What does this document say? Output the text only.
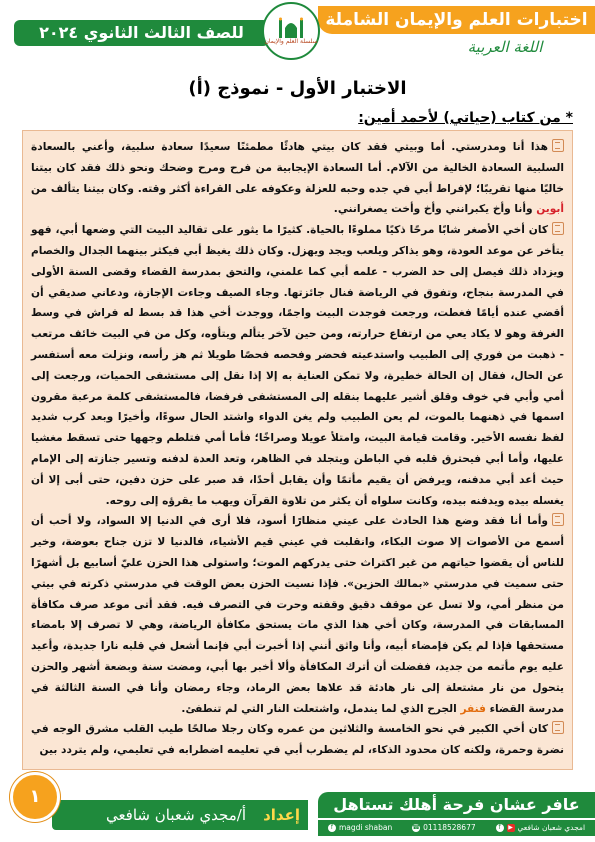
اختبارات العلم والإيمان الشاملة
للصف الثالث الثانوي ٢٠٢٤	سلسلة العلم والإيمان	اللغة العربية
الاختبار الأول - نموذج (أ)
* من كتاب (حياتي) لأحمد أمين:

هذا أنا ومدرستي. أما وبيتي فقد كان بيتي هادئًا مطمئنًا سعيدًا سعادة سلبية، وأعني بالسعادة السلبية السعادة الخالية من الآلام. أما السعادة الإيجابية من فرح ومرح وضحك ونحو ذلك فقد كان بيتنا خاليًا منها تقريبًا؛ لإفراط أبي في جده وحبه للعزلة وعكوفه على القراءة أكثر وقته. وكان بيتنا يتألف من أبوين وأنا وأخ يكبرانني وأخ وأخت يصغرانني.

كان أخي الأصغر شابًا مرحًا ذكيًا مملوءًا بالحياة. كثيرًا ما يثور على تقاليد البيت التي وضعها أبي، فهو يتأخر عن موعد العودة، وهو يذاكر ويلعب ويجد ويهزل. وكان ذلك يغيظ أبي فيكثر بينهما الجدال والخصام ويزداد ذلك فيصل إلى حد الضرب - علمه أبي كما علمني، والتحق بمدرسة القضاء وقضى السنة الأولى في المدرسة بنجاح، وتفوق في الرياضة فنال جائزتها. وجاء الصيف وجاءت الإجازة، ودعاني صديقي أن أقضي عنده أيامًا فغطت، ورجعت فوجدت البيت واجمًا، ووجدت أخي هذا قد بسط له فراش في وسط الغرفة وهو لا يكاد يعي من ارتفاع حرارته، ومن حين لآخر يتألم ويتأوه، وكل من في البيت خائف مرتعب - ذهبت من فوري إلى الطبيب واستدعيته فحضر وفحصه فحصًا طويلا ثم هز رأسه، ونزلت معه أستفسر عن الحال، فقال إن الحالة خطيرة، ولا تمكن العناية به إلا إذا نقل إلى مستشفى الحميات، ورجعت إلى أمي وأبي في خوف وقلق أشير عليهما بنقله إلى المستشفى فرفضا، فالمستشفى كلمة مرعبة مقرون اسمها في ذهنهما بالموت، لم يعن الطبيب ولم يغن الدواء واشتد الحال سوءًا، وأخيرًا وبعد كرب شديد لفظ نفسه الأخير. وقامت قيامة البيت، وامتلأ عويلا وصراخًا؛ فأما أمي فتلطم وجهها حتى تسقط مغشيا عليها، وأما أبي فيحترق قلبه في الباطن ويتجلد في الظاهر، وتعد العدة لدفنه وتسير جنازته إلى الإمام حيث أعد أبي مدفنه، ويرفض أن يقيم مأتمًا وأن يقابل أحدًا، قد صبر على حزن دفين، حتى أبى إلا أن يغسله بيده ويدفنه بيده، وكانت سلواه أن يكثر من تلاوة القرآن ويهب ما يقرؤه إلى روحه.

وأما أنا فقد وضع هذا الحادث على عيني منظارًا أسود، فلا أرى في الدنيا إلا السواد، ولا أحب أن أسمع من الأصوات إلا صوت البكاء، وانقلبت في عيني قيم الأشياء، فالدنيا لا تزن جناح بعوضة، وخير للناس أن يقضوا حياتهم من غير اكتراث حتى يدركهم الموت؛ واستولى هذا الحزن عليّ أسابيع بل أشهرًا حتى سميت في مدرستي «بمالك الحزين». فإذا نسيت الحزن بعض الوقت في مدرستي ذكرته في بيتي من منظر أمي، ولا تسل عن موقف دقيق وقفته وحرت في التصرف فيه. فقد أتى موعد صرف مكافأة المسابقات في المدرسة، وكان أخي هذا الذي مات يستحق مكافأة الرياضة، وهي لا تصرف إلا بامضاء مستحقها فإذا لم يكن فإمضاء أبيه، وأنا واثق أنني إذا أخبرت أبي فإنما أشعل في قلبه نارا جديدة، وأعيد عليه يوم مأتمه من جديد، ففضلت أن أترك المكافأة وألا أخبر بها أبي، ومضت سنة وبضعة أشهر والحزن يتحول من نار مشتعلة إلى نار هادئة قد علاها بعض الرماد، وجاء رمضان وأنا في السنة الثالثة في مدرسة القضاء فنفر الجرح الذي لما يندمل، واشتعلت النار التي لم تنطفئ.

كان أخي الكبير في نحو الخامسة والثلاثين من عمره وكان رجلا صالحًا طيب القلب مشرق الوجه في نضرة وحمرة، ولكنه كان محدود الذكاء، لم يضطرب أبي في تعليمه اضطرابه في تعليمي، ولم يتردد بين

إعداد
أ/مجدي شعبان شافعي
١	عافر عشان فرحة أهلك تستاهل
f magdi shaban	☎ 01118528677	f	▶ امجدي شعبان شافعي
